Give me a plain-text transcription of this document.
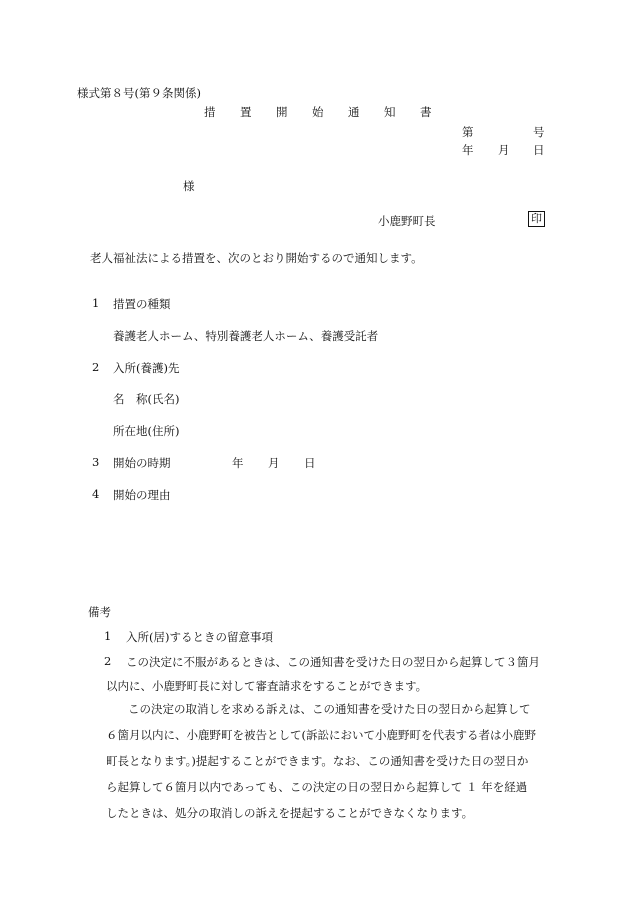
様式第８号(第９条関係)
措 置 開 始 通 知 書
第	号
年 月 日
様
小鹿野町長	印
老人福祉法による措置を、次のとおり開始するので通知します。
1 措置の種類
養護老人ホーム、特別養護老人ホーム、養護受託者
2 入所(養護)先
名　称(氏名)
所在地(住所)
3 開始の時期	年 月 日
4 開始の理由
備考
1 入所(居)するときの留意事項
2 この決定に不服があるときは、この通知書を受けた日の翌日から起算して３箇月
以内に、小鹿野町長に対して審査請求をすることができます。
この決定の取消しを求める訴えは、この通知書を受けた日の翌日から起算して６箇月以内に、小鹿野町を被告として(訴訟において小鹿野町を代表する者は小鹿野町長となります。)提起することができます。なお、この通知書を受けた日の翌日から起算して６箇月以内であっても、この決定の日の翌日から起算して １ 年を経過したときは、処分の取消しの訴えを提起することができなくなります。
